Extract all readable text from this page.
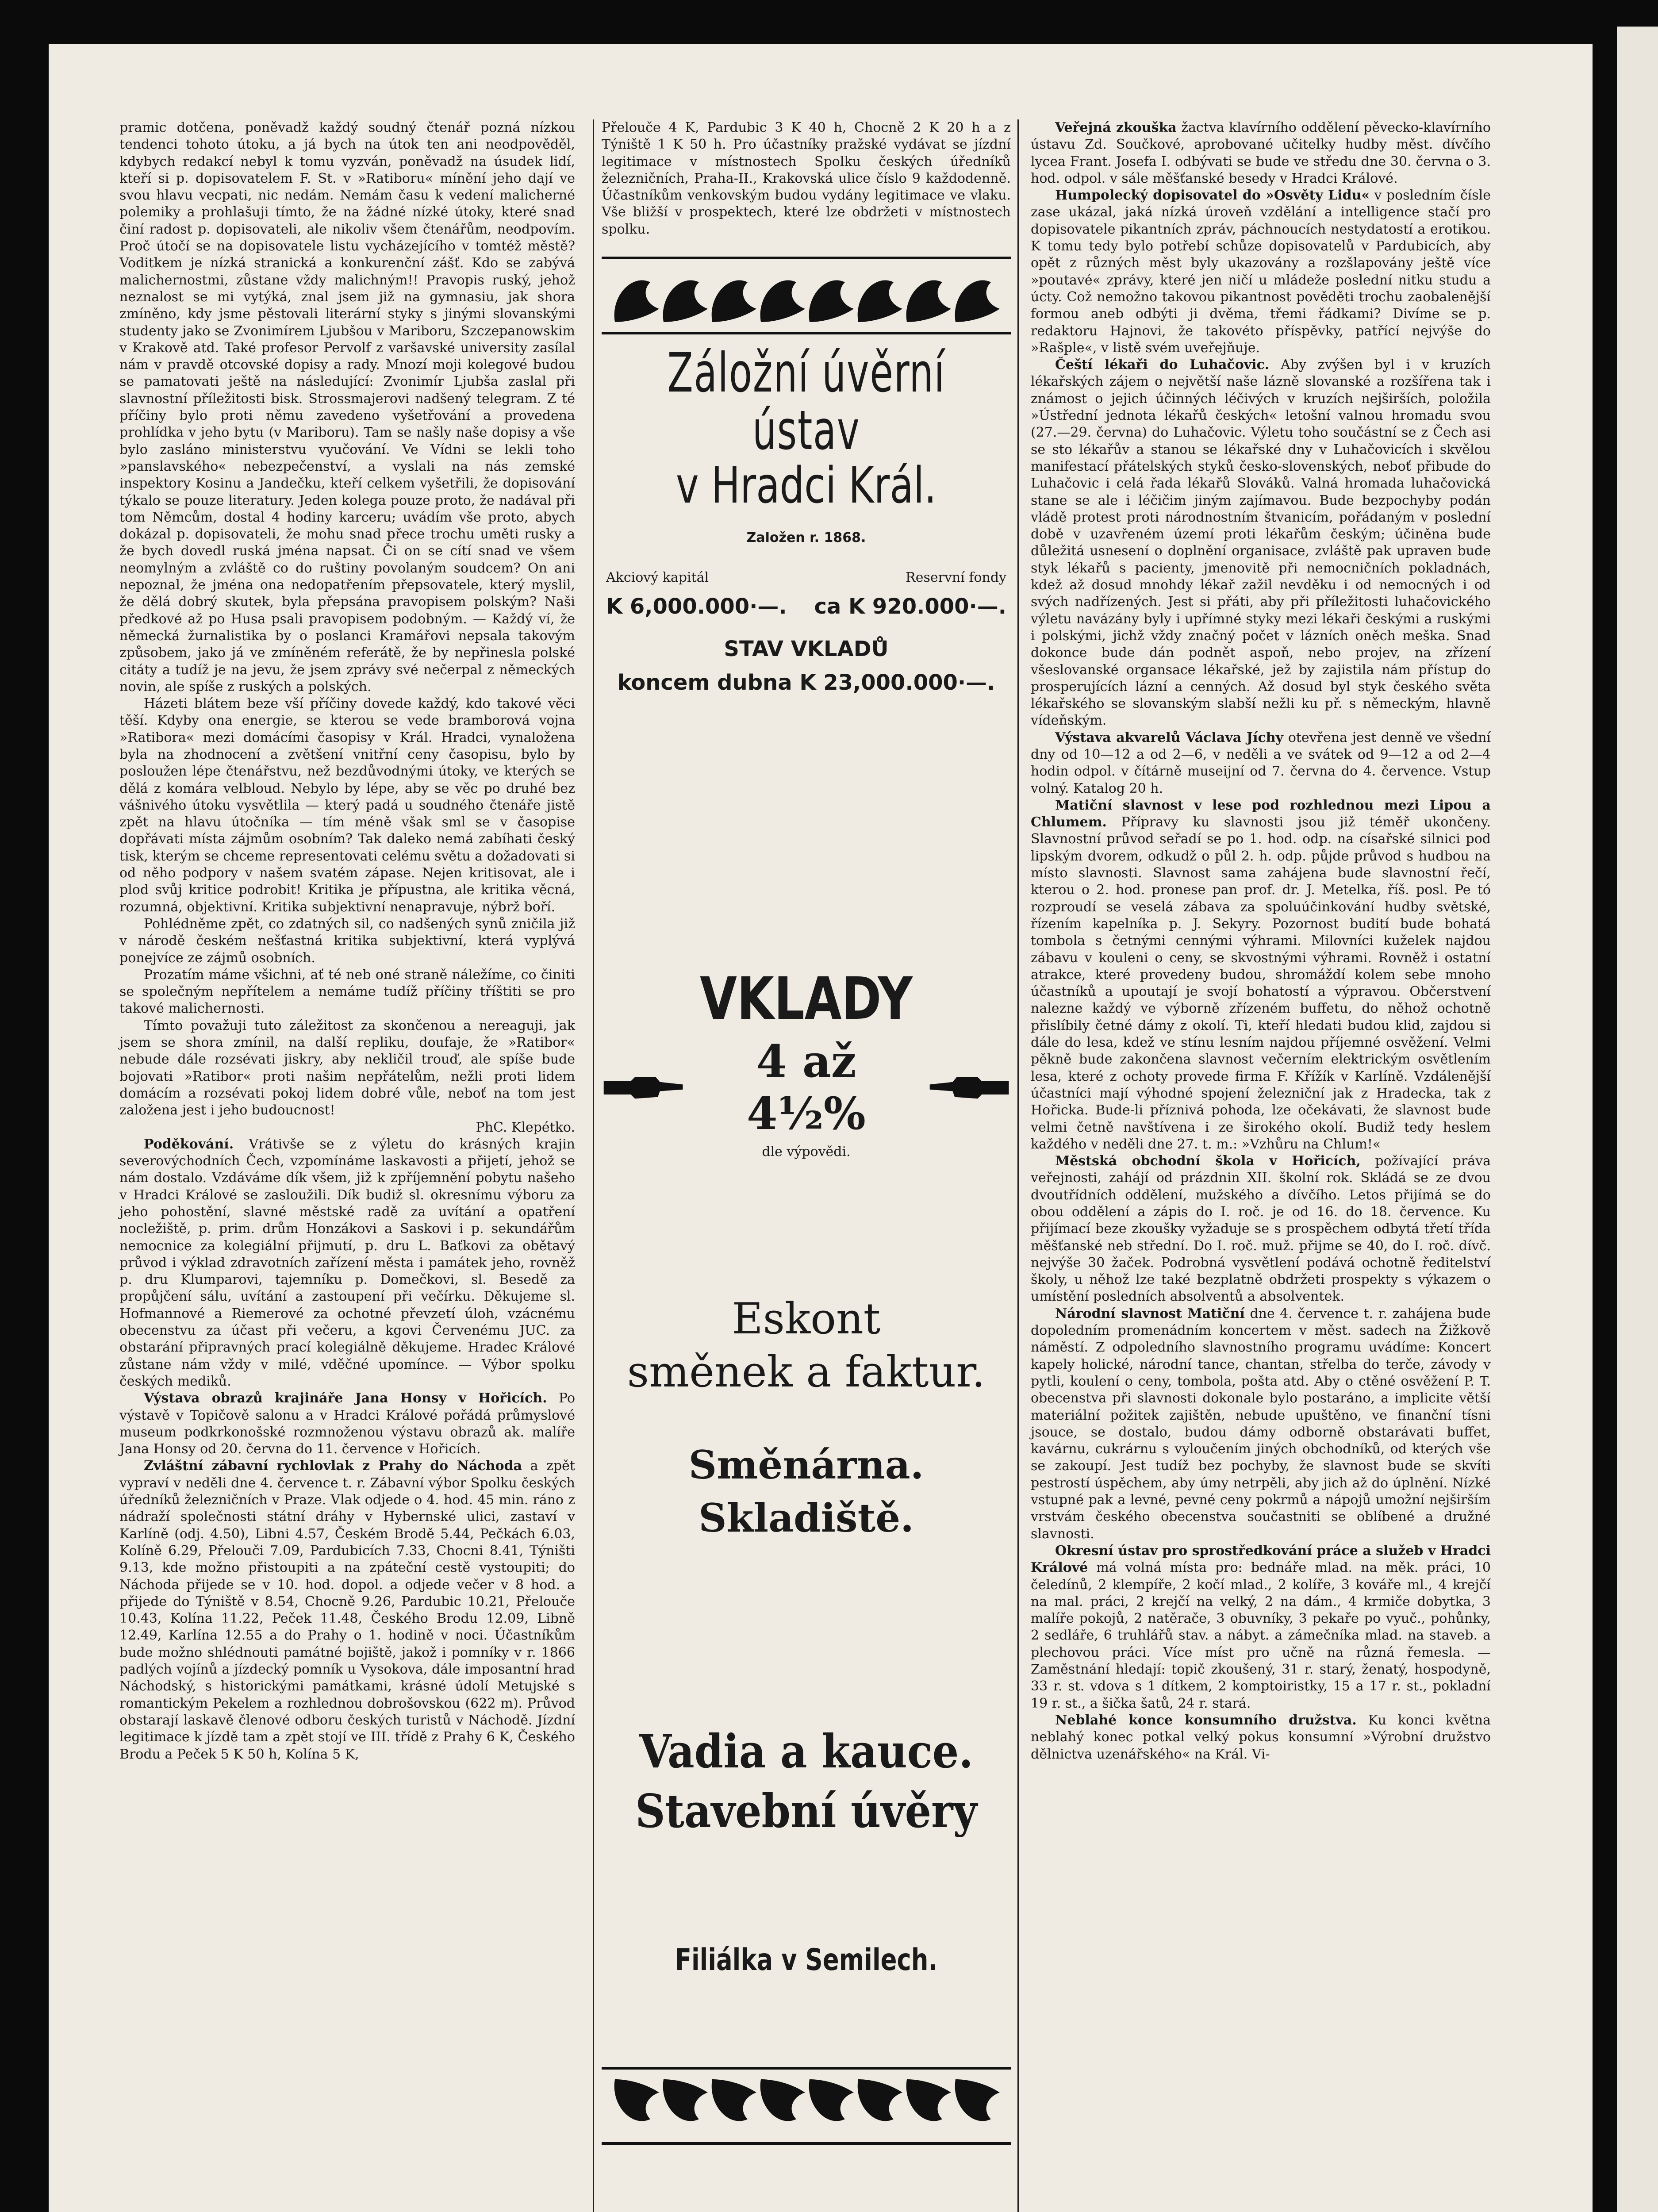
pramic dotčena, poněvadž každý soudný čtenář pozná nízkou tendenci tohoto útoku, a já bych na útok ten ani neodpověděl, kdybych redakcí nebyl k tomu vyzván, poněvadž na úsudek lidí, kteří si p. dopisovatelem F. St. v »Ratiboru« mínění jeho dají ve svou hlavu vecpati, nic nedám. Nemám času k vedení malicherné polemiky a prohlašuji tímto, že na žádné nízké útoky, které snad činí radost p. dopisovateli, ale nikoliv všem čtenářům, neodpovím. Proč útočí se na dopisovatele listu vycházejícího v tomtéž městě? Voditkem je nízká stranická a konkurenční zášť. Kdo se zabývá malichernostmi, zůstane vždy malichným!! Pravopis ruský, jehož neznalost se mi vytýká, znal jsem již na gymnasiu, jak shora zmíněno, kdy jsme pěstovali literární styky s jinými slovanskými studenty jako se Zvonimírem Ljubšou v Mariboru, Szczepanowskim v Krakově atd. Také profesor Pervolf z varšavské university zasílal nám v pravdě otcovské dopisy a rady. Mnozí moji kolegové budou se pamatovati ještě na následující: Zvonimír Ljubša zaslal při slavnostní příležitosti bisk. Strossmajerovi nadšený telegram. Z té příčiny bylo proti němu zavedeno vyšetřování a provedena prohlídka v jeho bytu (v Mariboru). Tam se našly naše dopisy a vše bylo zasláno ministerstvu vyučování. Ve Vídni se lekli toho »panslavského« nebezpečenství, a vyslali na nás zemské inspektory Kosinu a Jandečku, kteří celkem vyšetřili, že dopisování týkalo se pouze literatury. Jeden kolega pouze proto, že nadával při tom Němcům, dostal 4 hodiny karceru; uvádím vše proto, abych dokázal p. dopisovateli, že mohu snad přece trochu uměti rusky a že bych dovedl ruská jména napsat. Či on se cítí snad ve všem neomylným a zvláště co do ruštiny povolaným soudcem? On ani nepoznal, že jména ona nedopatřením přepsovatele, který myslil, že dělá dobrý skutek, byla přepsána pravopisem polským? Naši předkové až po Husa psali pravopisem podobným. — Každý ví, že německá žurnalistika by o poslanci Kramářovi nepsala takovým způsobem, jako já ve zmíněném referátě, že by nepřinesla polské citáty a tudíž je na jevu, že jsem zprávy své nečerpal z německých novin, ale spíše z ruských a polských.

Házeti blátem beze vší příčiny dovede každý, kdo takové věci těší. Kdyby ona energie, se kterou se vede bramborová vojna »Ratibora« mezi domácími časopisy v Král. Hradci, vynaložena byla na zhodnocení a zvětšení vnitřní ceny časopisu, bylo by posloužen lépe čtenářstvu, než bezdůvodnými útoky, ve kterých se dělá z komára velbloud. Nebylo by lépe, aby se věc po druhé bez vášnivého útoku vysvětlila — který padá u soudného čtenáře jistě zpět na hlavu útočníka — tím méně však sml se v časopise dopřávati místa zájmům osobním? Tak daleko nemá zabíhati český tisk, kterým se chceme representovati celému světu a dožadovati si od něho podpory v našem svatém zápase. Nejen kritisovat, ale i plod svůj kritice podrobit! Kritika je přípustna, ale kritika věcná, rozumná, objektivní. Kritika subjektivní nenapravuje, nýbrž boří.

Pohlédněme zpět, co zdatných sil, co nadšených synů zničila již v národě českém nešťastná kritika subjektivní, která vyplývá ponejvíce ze zájmů osobních.

Prozatím máme všichni, ať té neb oné straně náležíme, co činiti se společným nepřítelem a nemáme tudíž příčiny tříštiti se pro takové malichernosti.

Tímto považuji tuto záležitost za skončenou a nereaguji, jak jsem se shora zmínil, na další repliku, doufaje, že »Ratibor« nebude dále rozsévati jiskry, aby nekličil trouď, ale spíše bude bojovati »Ratibor« proti našim nepřátelům, nežli proti lidem domácím a rozsévati pokoj lidem dobré vůle, neboť na tom jest založena jest i jeho budoucnost!

PhC. Klepétko.

Poděkování. Vrátivše se z výletu do krásných krajin severovýchodních Čech, vzpomínáme laskavosti a přijetí, jehož se nám dostalo. Vzdáváme dík všem, již k zpříjemnění pobytu našeho v Hradci Králové se zasloužili. Dík budiž sl. okresnímu výboru za jeho pohostění, slavné městské radě za uvítání a opatření nocležiště, p. prim. drům Honzákovi a Saskovi i p. sekundářům nemocnice za kolegiální přijmutí, p. dru L. Baťkovi za obětavý průvod i výklad zdravotních zařízení města i památek jeho, rovněž p. dru Klumparovi, tajemníku p. Domečkovi, sl. Besedě za propůjčení sálu, uvítání a zastoupení při večírku. Děkujeme sl. Hofmannové a Riemerové za ochotné převzetí úloh, vzácnému obecenstvu za účast při večeru, a kgovi Červenému JUC. za obstarání připravných prací kolegiálně děkujeme. Hradec Králové zůstane nám vždy v milé, vděčné upomínce. — Výbor spolku českých mediků.

Výstava obrazů krajináře Jana Honsy v Hořicích. Po výstavě v Topičově salonu a v Hradci Králové pořádá průmyslové museum podkrkonošské rozmnoženou výstavu obrazů ak. malíře Jana Honsy od 20. června do 11. července v Hořicích.

Zvláštní zábavní rychlovlak z Prahy do Náchoda a zpět vypraví v neděli dne 4. července t. r. Zábavní výbor Spolku českých úředníků železničních v Praze. Vlak odjede o 4. hod. 45 min. ráno z nádraží společnosti státní dráhy v Hybernské ulici, zastaví v Karlíně (odj. 4.50), Libni 4.57, Českém Brodě 5.44, Pečkách 6.03, Kolíně 6.29, Přelouči 7.09, Pardubicích 7.33, Chocni 8.41, Týništi 9.13, kde možno přistoupiti a na zpáteční cestě vystoupiti; do Náchoda přijede se v 10. hod. dopol. a odjede večer v 8 hod. a přijede do Týniště v 8.54, Chocně 9.26, Pardubic 10.21, Přelouče 10.43, Kolína 11.22, Peček 11.48, Českého Brodu 12.09, Libně 12.49, Karlína 12.55 a do Prahy o 1. hodině v noci. Účastníkům bude možno shlédnouti památné bojiště, jakož i pomníky v r. 1866 padlých vojínů a jízdecký pomník u Vysokova, dále imposantní hrad Náchodský, s historickými památkami, krásné údolí Metujské s romantickým Pekelem a rozhlednou dobrošovskou (622 m). Průvod obstarají laskavě členové odboru českých turistů v Náchodě. Jízdní legitimace k jízdě tam a zpět stojí ve III. třídě z Prahy 6 K, Českého Brodu a Peček 5 K 50 h, Kolína 5 K,

Přelouče 4 K, Pardubic 3 K 40 h, Chocně 2 K 20 h a z Týniště 1 K 50 h. Pro účastníky pražské vydávat se jízdní legitimace v místnostech Spolku českých úředníků železničních, Praha-II., Krakovská ulice číslo 9 každodenně. Účastníkům venkovským budou vydány legitimace ve vlaku. Vše bližší v prospektech, které lze obdržeti v místnostech spolku.
Záložní úvěrní ústav
v Hradci Král.
Založen r. 1868.
Akciový kapitál
K 6,000.000·—.
Reservní fondy
ca K 920.000·—.
STAV VKLADŮ
koncem dubna K 23,000.000·—.
VKLADY
4 až 4½%
dle výpovědi.
Eskont
směnek a faktur.
Směnárna.
Skladiště.
Vadia a kauce.
Stavební úvěry
Filiálka v Semilech.

Veřejná zkouška žactva klavírního oddělení pěvecko-klavírního ústavu Zd. Součkové, aprobované učitelky hudby měst. dívčího lycea Frant. Josefa I. odbývati se bude ve středu dne 30. června o 3. hod. odpol. v sále měšťanské besedy v Hradci Králové.

Humpolecký dopisovatel do »Osvěty Lidu« v posledním čísle zase ukázal, jaká nízká úroveň vzdělání a intelligence stačí pro dopisovatele pikantních zpráv, páchnoucích nestydatostí a erotikou. K tomu tedy bylo potřebí schůze dopisovatelů v Pardubicích, aby opět z různých měst byly ukazovány a rozšlapovány ještě více »poutavé« zprávy, které jen ničí u mládeže poslední nitku studu a úcty. Což nemožno takovou pikantnost pověděti trochu zaobalenější formou aneb odbýti ji dvěma, třemi řádkami? Divíme se p. redaktoru Hajnovi, že takovéto příspěvky, patřící nejvýše do »Rašple«, v listě svém uveřejňuje.

Čeští lékaři do Luhačovic. Aby zvýšen byl i v kruzích lékařských zájem o největší naše lázně slovanské a rozšířena tak i známost o jejich účinných léčivých v kruzích nejširších, položila »Ústřední jednota lékařů českých« letošní valnou hromadu svou (27.—29. června) do Luhačovic. Výletu toho součástní se z Čech asi se sto lékařův a stanou se lékařské dny v Luhačovicích i skvělou manifestací přátelských styků česko-slovenských, neboť přibude do Luhačovic i celá řada lékařů Slováků. Valná hromada luhačovická stane se ale i léčičim jiným zajímavou. Bude bezpochyby podán vládě protest proti národnostním štvanicím, pořádaným v poslední době v uzavřeném území proti lékařům českým; účiněna bude důležitá usnesení o doplnění organisace, zvláště pak upraven bude styk lékařů s pacienty, jmenovitě při nemocničních pokladnách, kdež až dosud mnohdy lékař zažil nevděku i od nemocných i od svých nadřízených. Jest si přáti, aby při příležitosti luhačovického výletu navázány byly i upřímné styky mezi lékaři českými a ruskými i polskými, jichž vždy značný počet v lázních oněch meška. Snad dokonce bude dán podnět aspoň, nebo projev, na zřízení všeslovanské organsace lékařské, jež by zajistila nám přístup do prosperujících lázní a cenných. Až dosud byl styk českého světa lékařského se slovanským slabší nežli ku př. s německým, hlavně vídeňským.

Výstava akvarelů Václava Jíchy otevřena jest denně ve všední dny od 10—12 a od 2—6, v neděli a ve svátek od 9—12 a od 2—4 hodin odpol. v čítárně museijní od 7. června do 4. července. Vstup volný. Katalog 20 h.

Matiční slavnost v lese pod rozhlednou mezi Lipou a Chlumem. Přípravy ku slavnosti jsou již téměř ukončeny. Slavnostní průvod seřadí se po 1. hod. odp. na císařské silnici pod lipským dvorem, odkudž o půl 2. h. odp. půjde průvod s hudbou na místo slavnosti. Slavnost sama zahájena bude slavnostní řečí, kterou o 2. hod. pronese pan prof. dr. J. Metelka, říš. posl. Pe tó rozproudí se veselá zábava za spoluúčinkování hudby světské, řízením kapelníka p. J. Sekyry. Pozornost budití bude bohatá tombola s četnými cennými výhrami. Milovníci kuželek najdou zábavu v kouleni o ceny, se skvostnými výhrami. Rovněž i ostatní atrakce, které provedeny budou, shromáždí kolem sebe mnoho účastníků a upoutají je svojí bohatostí a výpravou. Občerstvení nalezne každý ve výborně zřízeném buffetu, do něhož ochotně přislíbily četné dámy z okolí. Ti, kteří hledati budou klid, zajdou si dále do lesa, kdež ve stínu lesním najdou příjemné osvěžení. Velmi pěkně bude zakončena slavnost večerním elektrickým osvětlením lesa, které z ochoty provede firma F. Křížík v Karlíně. Vzdálenější účastníci mají výhodné spojení železniční jak z Hradecka, tak z Hořicka. Bude-li příznivá pohoda, lze očekávati, že slavnost bude velmi četně navštívena i ze širokého okolí. Budiž tedy heslem každého v neděli dne 27. t. m.: »Vzhůru na Chlum!«

Městská obchodní škola v Hořicích, požívající práva veřejnosti, zahájí od prázdnin XII. školní rok. Skládá se ze dvou dvoutřídních oddělení, mužského a dívčího. Letos přijímá se do obou oddělení a zápis do I. roč. je od 16. do 18. července. Ku přijímací beze zkoušky vyžaduje se s prospěchem odbytá třetí třída měšťanské neb střední. Do I. roč. muž. přijme se 40, do I. roč. dívč. nejvýše 30 žaček. Podrobná vysvětlení podává ochotně ředitelství školy, u něhož lze také bezplatně obdržeti prospekty s výkazem o umístění posledních absolventů a absolventek.

Národní slavnost Matiční dne 4. července t. r. zahájena bude dopoledním promenádním koncertem v měst. sadech na Žižkově náměstí. Z odpoledního slavnostního programu uvádíme: Koncert kapely holické, národní tance, chantan, střelba do terče, závody v pytli, koulení o ceny, tombola, pošta atd. Aby o ctěné osvěžení P. T. obecenstva při slavnosti dokonale bylo postaráno, a implicite větší materiální požitek zajištěn, nebude upuštěno, ve finanční tísni jsouce, se dostalo, budou dámy odborně obstarávati buffet, kavárnu, cukrárnu s vyloučením jiných obchodníků, od kterých vše se zakoupí. Jest tudíž bez pochyby, že slavnost bude se skvíti pestrostí úspěchem, aby úmy netrpěli, aby jich až do úplnění. Nízké vstupné pak a levné, pevné ceny pokrmů a nápojů umožní nejširším vrstvám českého obecenstva součastniti se oblíbené a družné slavnosti.

Okresní ústav pro sprostředkování práce a služeb v Hradci Králové má volná místa pro: bednáře mlad. na měk. práci, 10 čeledínů, 2 klempíře, 2 kočí mlad., 2 kolíře, 3 kováře ml., 4 krejčí na mal. práci, 2 krejčí na velký, 2 na dám., 4 krmiče dobytka, 3 malíře pokojů, 2 natěrače, 3 obuvníky, 3 pekaře po vyuč., pohůnky, 2 sedláře, 6 truhlářů stav. a nábyt. a zámečníka mlad. na staveb. a plechovou práci. Více míst pro učně na různá řemesla. — Zaměstnání hledají: topič zkoušený, 31 r. starý, ženatý, hospodyně, 33 r. st. vdova s 1 dítkem, 2 komptoiristky, 15 a 17 r. st., pokladní 19 r. st., a šička šatů, 24 r. stará.

Neblahé konce konsumního družstva. Ku konci května neblahý konec potkal velký pokus konsumní »Výrobní družstvo dělnictva uzenářského« na Král. Vi-
